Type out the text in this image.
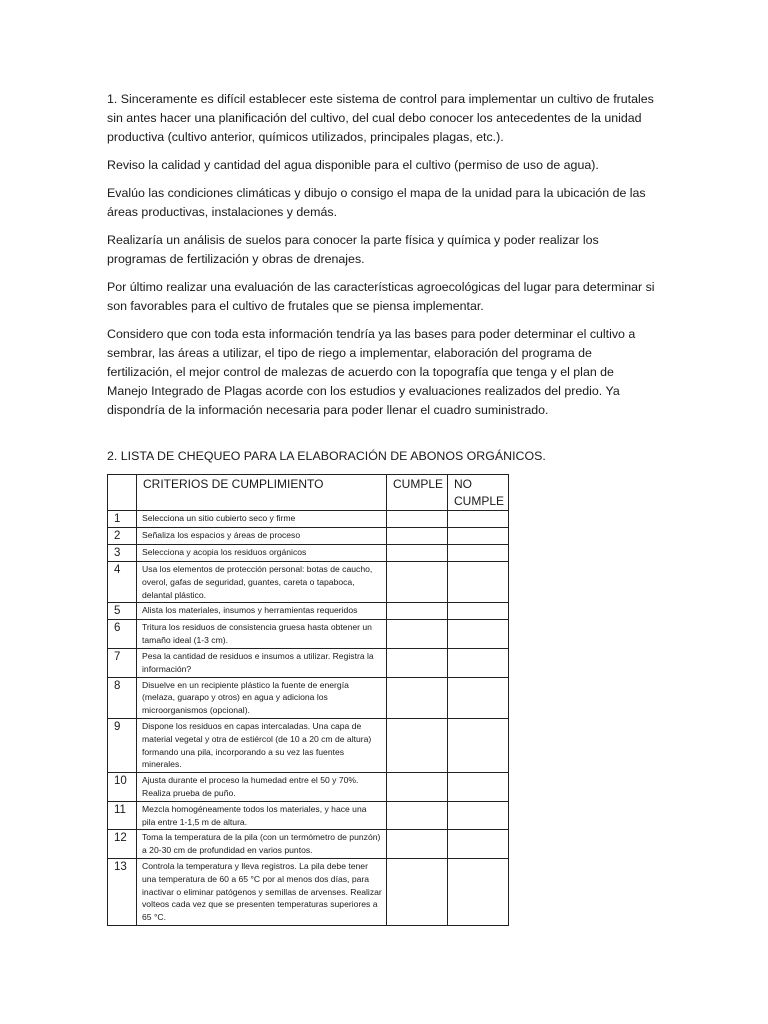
1. Sinceramente es difícil establecer este sistema de control para implementar un cultivo de frutales sin antes hacer una planificación del cultivo, del cual debo conocer los antecedentes de la unidad productiva (cultivo anterior, químicos utilizados, principales plagas, etc.).

Reviso la calidad y cantidad del agua disponible para el cultivo (permiso de uso de agua).

Evalúo las condiciones climáticas y dibujo o consigo el mapa de la unidad para la ubicación de las áreas productivas, instalaciones y demás.

Realizaría un análisis de suelos para conocer la parte física y química y poder realizar los programas de fertilización y obras de drenajes.

Por último realizar una evaluación de las características agroecológicas del lugar para determinar si son favorables para el cultivo de frutales que se piensa implementar.

Considero que con toda esta información tendría ya las bases para poder determinar el cultivo a sembrar, las áreas a utilizar, el tipo de riego a implementar, elaboración del programa de fertilización, el mejor control de malezas de acuerdo con la topografía que tenga y el plan de Manejo Integrado de Plagas acorde con los estudios y evaluaciones realizados del predio. Ya dispondría de la información necesaria para poder llenar el cuadro suministrado.

2. LISTA DE CHEQUEO PARA LA ELABORACIÓN DE ABONOS ORGÁNICOS.

	CRITERIOS DE CUMPLIMIENTO	CUMPLE	NO CUMPLE
1	Selecciona un sitio cubierto seco y firme		
2	Señaliza los espacios y áreas de proceso		
3	Selecciona y acopia los residuos orgánicos		
4	Usa los elementos de protección personal: botas de caucho, overol, gafas de seguridad, guantes, careta o tapaboca, delantal plástico.		
5	Alista los materiales, insumos y herramientas requeridos		
6	Tritura los residuos de consistencia gruesa hasta obtener un tamaño ideal (1-3 cm).		
7	Pesa la cantidad de residuos e insumos a utilizar. Registra la información?		
8	Disuelve en un recipiente plástico la fuente de energía (melaza, guarapo y otros) en agua y adiciona los microorganismos (opcional).		
9	Dispone los residuos en capas intercaladas. Una capa de material vegetal y otra de estiércol (de 10 a 20 cm de altura) formando una pila, incorporando a su vez las fuentes minerales.		
10	Ajusta durante el proceso la humedad entre el 50 y 70%. Realiza prueba de puño.		
11	Mezcla homogéneamente todos los materiales, y hace una pila entre 1-1,5 m de altura.		
12	Toma la temperatura de la pila (con un termómetro de punzón) a 20-30 cm de profundidad en varios puntos.		
13	Controla la temperatura y lleva registros. La pila debe tener una temperatura de 60 a 65 °C por al menos dos días, para inactivar o eliminar patógenos y semillas de arvenses. Realizar volteos cada vez que se presenten temperaturas superiores a 65 °C.		
